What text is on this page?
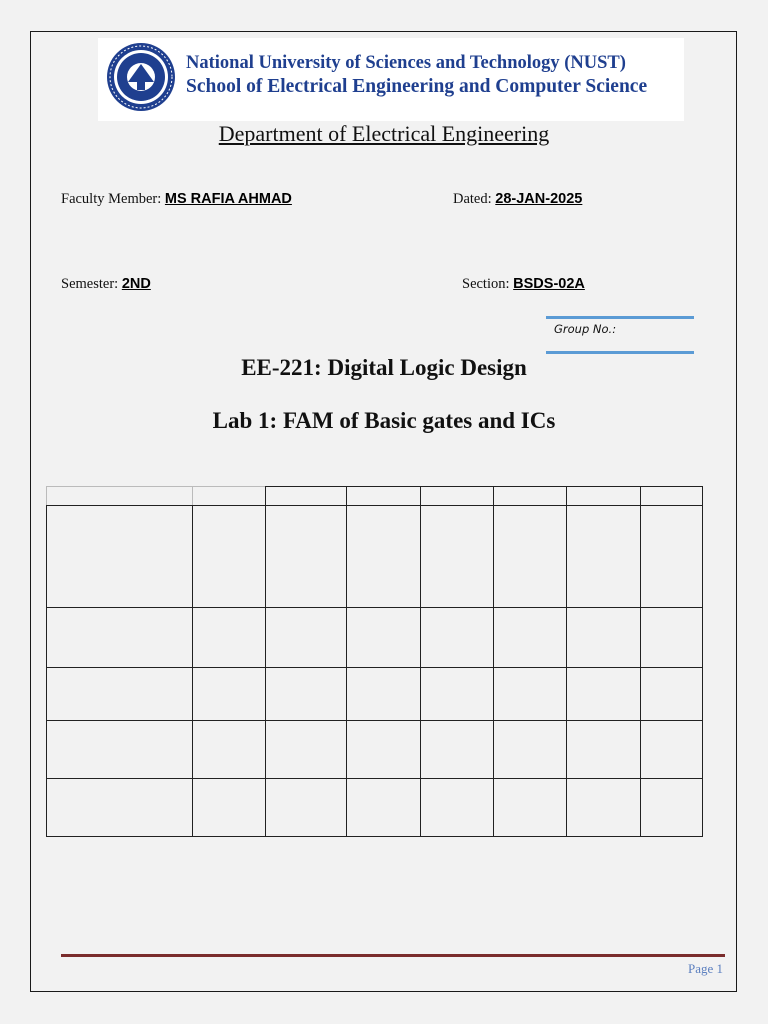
National University of Sciences and Technology (NUST)
School of Electrical Engineering and Computer Science
Department of Electrical Engineering
Faculty Member: MS RAFIA AHMAD	Dated: 28-JAN-2025
Semester: 2ND	Section: BSDS-02A
Group No.:
EE-221: Digital Logic Design
Lab 1: FAM of Basic gates and ICs

Page 1
